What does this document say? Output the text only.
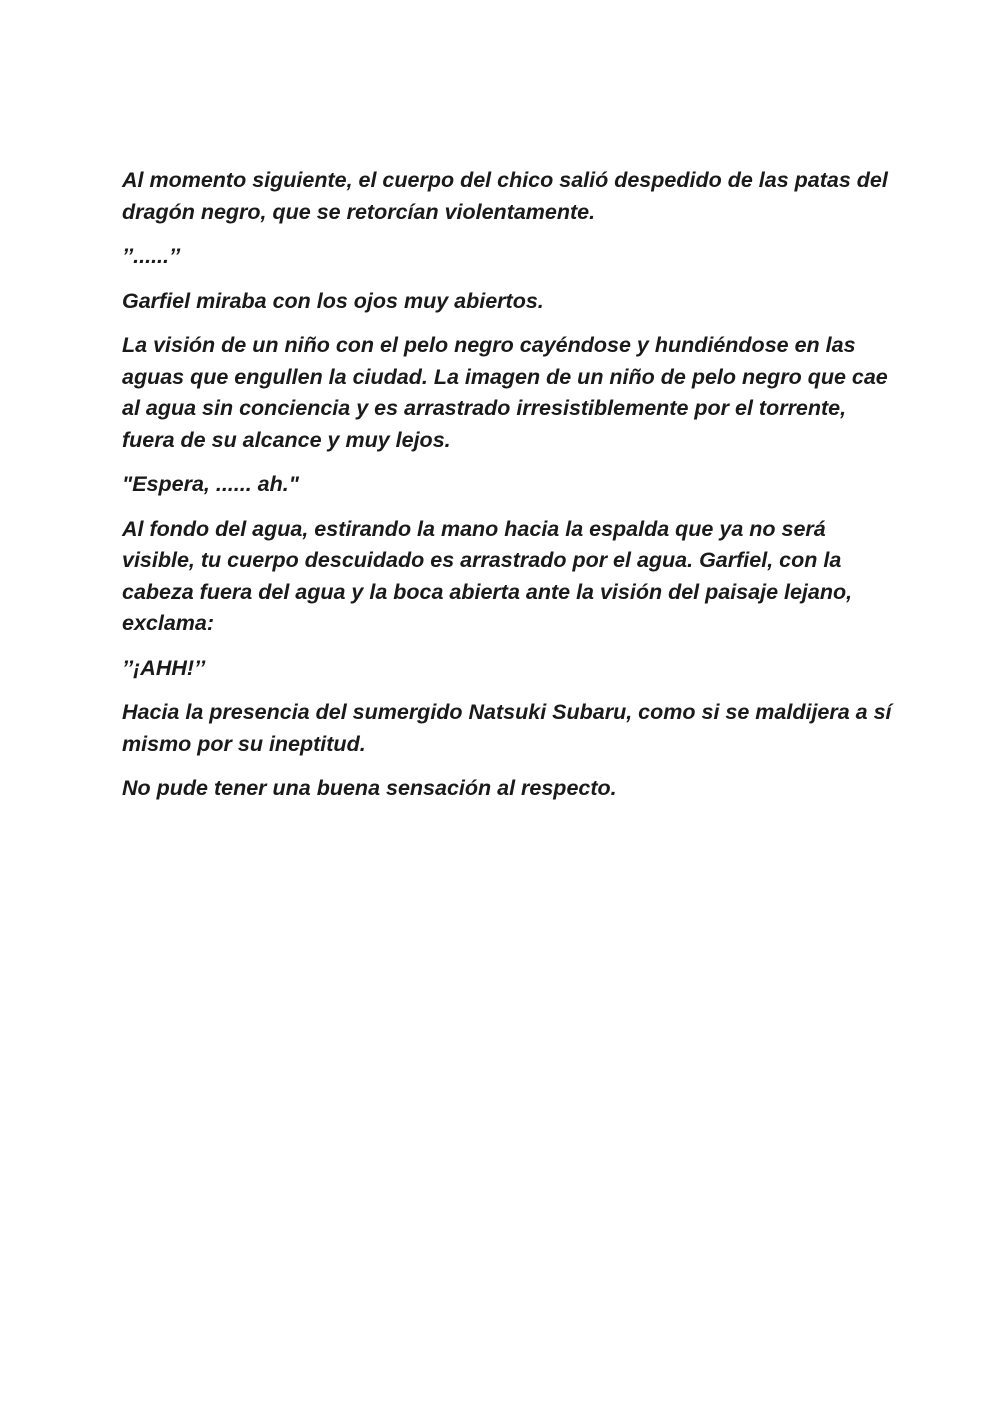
Al momento siguiente, el cuerpo del chico salió despedido de las patas del dragón negro, que se retorcían violentamente.

’’......’’

Garfiel miraba con los ojos muy abiertos.

La visión de un niño con el pelo negro cayéndose y hundiéndose en las aguas que engullen la ciudad. La imagen de un niño de pelo negro que cae al agua sin conciencia y es arrastrado irresistiblemente por el torrente, fuera de su alcance y muy lejos.

"Espera, ...... ah."

Al fondo del agua, estirando la mano hacia la espalda que ya no será visible, tu cuerpo descuidado es arrastrado por el agua. Garfiel, con la cabeza fuera del agua y la boca abierta ante la visión del paisaje lejano, exclama:

’’¡AHH!’’

Hacia la presencia del sumergido Natsuki Subaru, como si se maldijera a sí mismo por su ineptitud.

No pude tener una buena sensación al respecto.
